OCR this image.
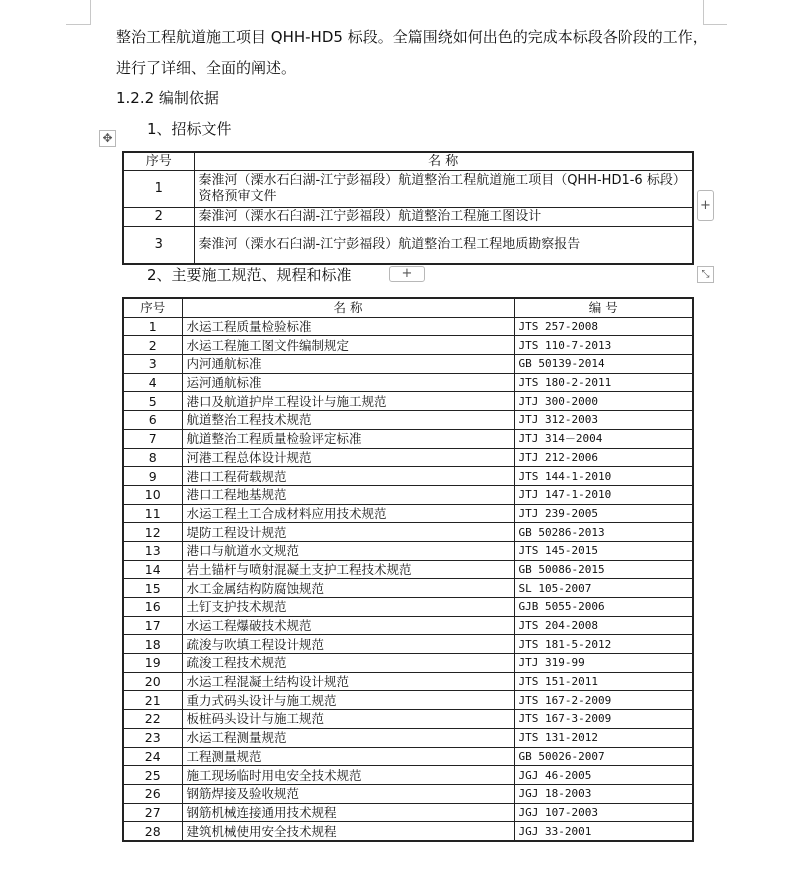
整治工程航道施工项目 QHH-HD5 标段。全篇围绕如何出色的完成本标段各阶段的工作，
进行了详细、全面的阐述。
1.2.2 编制依据
1、招标文件
✥
序号	名 称
1	秦淮河（溧水石臼湖-江宁彭福段）航道整治工程航道施工项目（QHH-HD1-6 标段）资格预审文件
2	秦淮河（溧水石臼湖-江宁彭福段）航道整治工程施工图设计
3	秦淮河（溧水石臼湖-江宁彭福段）航道整治工程工程地质勘察报告
+
2、主要施工规范、规程和标准	+	⤡
序号	名 称	编 号
1	水运工程质量检验标准	JTS 257-2008
2	水运工程施工图文件编制规定	JTS 110-7-2013
3	内河通航标准	GB 50139-2014
4	运河通航标准	JTS 180-2-2011
5	港口及航道护岸工程设计与施工规范	JTJ 300-2000
6	航道整治工程技术规范	JTJ 312-2003
7	航道整治工程质量检验评定标准	JTJ 314－2004
8	河港工程总体设计规范	JTJ 212-2006
9	港口工程荷载规范	JTS 144-1-2010
10	港口工程地基规范	JTJ 147-1-2010
11	水运工程土工合成材料应用技术规范	JTJ 239-2005
12	堤防工程设计规范	GB 50286-2013
13	港口与航道水文规范	JTS 145-2015
14	岩土锚杆与喷射混凝土支护工程技术规范	GB 50086-2015
15	水工金属结构防腐蚀规范	SL 105-2007
16	土钉支护技术规范	GJB 5055-2006
17	水运工程爆破技术规范	JTS 204-2008
18	疏浚与吹填工程设计规范	JTS 181-5-2012
19	疏浚工程技术规范	JTJ 319-99
20	水运工程混凝土结构设计规范	JTS 151-2011
21	重力式码头设计与施工规范	JTS 167-2-2009
22	板桩码头设计与施工规范	JTS 167-3-2009
23	水运工程测量规范	JTS 131-2012
24	工程测量规范	GB 50026-2007
25	施工现场临时用电安全技术规范	JGJ 46-2005
26	钢筋焊接及验收规范	JGJ 18-2003
27	钢筋机械连接通用技术规程	JGJ 107-2003
28	建筑机械使用安全技术规程	JGJ 33-2001
